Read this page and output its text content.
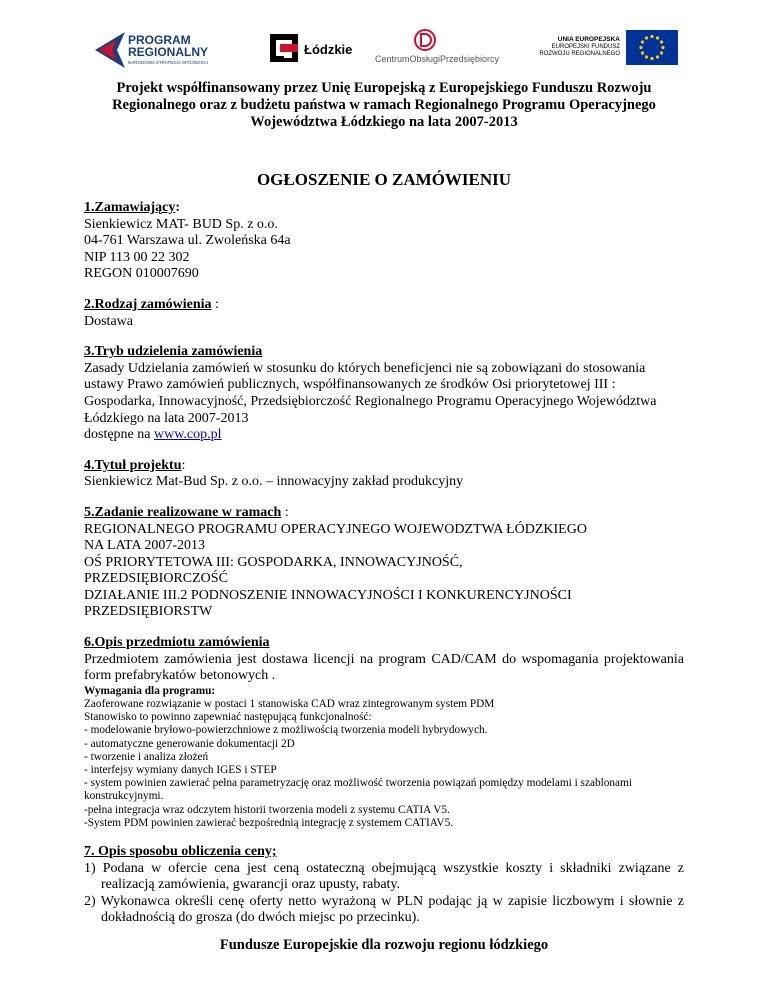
PROGRAM
REGIONALNY
NARODOWA STRATEGIA SPÓJNOŚCI
Łódzkie
CentrumObsługiPrzedsiębiorcy
UNIA EUROPEJSKA
EUROPEJSKI FUNDUSZ
ROZWOJU REGIONALNEGO
Projekt współfinansowany przez Unię Europejską z Europejskiego Funduszu Rozwoju
Regionalnego oraz z budżetu państwa w ramach Regionalnego Programu Operacyjnego
Województwa Łódzkiego na lata 2007-2013
OGŁOSZENIE O ZAMÓWIENIU
1.Zamawiający:
Sienkiewicz MAT- BUD Sp. z o.o.
04-761 Warszawa ul. Zwoleńska 64a
NIP 113 00 22 302
REGON 010007690
2.Rodzaj zamówienia :
Dostawa
3.Tryb udzielenia zamówienia
Zasady Udzielania zamówień w stosunku do których beneficjenci nie są zobowiązani do stosowania ustawy Prawo zamówień publicznych, współfinansowanych ze środków Osi priorytetowej III : Gospodarka, Innowacyjność, Przedsiębiorczość Regionalnego Programu Operacyjnego Województwa Łódzkiego na lata 2007-2013
dostępne na www.cop.pl
4.Tytuł projektu:
Sienkiewicz Mat-Bud Sp. z o.o. – innowacyjny zakład produkcyjny
5.Zadanie realizowane w ramach :
REGIONALNEGO PROGRAMU OPERACYJNEGO WOJEWODZTWA ŁÓDZKIEGO
NA LATA 2007-2013
OŚ PRIORYTETOWA III: GOSPODARKA, INNOWACYJNOŚĆ,
PRZEDSIĘBIORCZOŚĆ
DZIAŁANIE III.2 PODNOSZENIE INNOWACYJNOŚCI I KONKURENCYJNOŚCI
PRZEDSIĘBIORSTW
6.Opis przedmiotu zamówienia
Przedmiotem zamówienia jest dostawa licencji na program CAD/CAM do wspomagania projektowania form prefabrykatów betonowych .
Wymagania dla programu:
Zaoferowane rozwiązanie w postaci 1 stanowiska CAD wraz zintegrowanym system PDM
Stanowisko to powinno zapewniać następującą funkcjonalność:
- modelowanie bryłowo-powierzchniowe z możliwością tworzenia modeli hybrydowych.
- automatyczne generowanie dokumentacji 2D
- tworzenie i analiza złożeń
- interfejsy wymiany danych IGES i STEP
- system powinien zawierać pełna parametryzację oraz możliwość tworzenia powiązań pomiędzy modelami i szablonami konstrukcyjnymi.
-pełna integracja wraz odczytem historii tworzenia modeli z systemu CATIA V5.
-System PDM powinien zawierać bezpośrednią integrację z systemem CATIAV5.
7. Opis sposobu obliczenia ceny;
1) Podana w ofercie cena jest ceną ostateczną obejmującą wszystkie koszty i składniki związane z realizacją zamówienia, gwarancji oraz upusty, rabaty.
2) Wykonawca określi cenę oferty netto wyrażoną w PLN podając ją w zapisie liczbowym i słownie z dokładnością do grosza (do dwóch miejsc po przecinku).
Fundusze Europejskie dla rozwoju regionu łódzkiego
